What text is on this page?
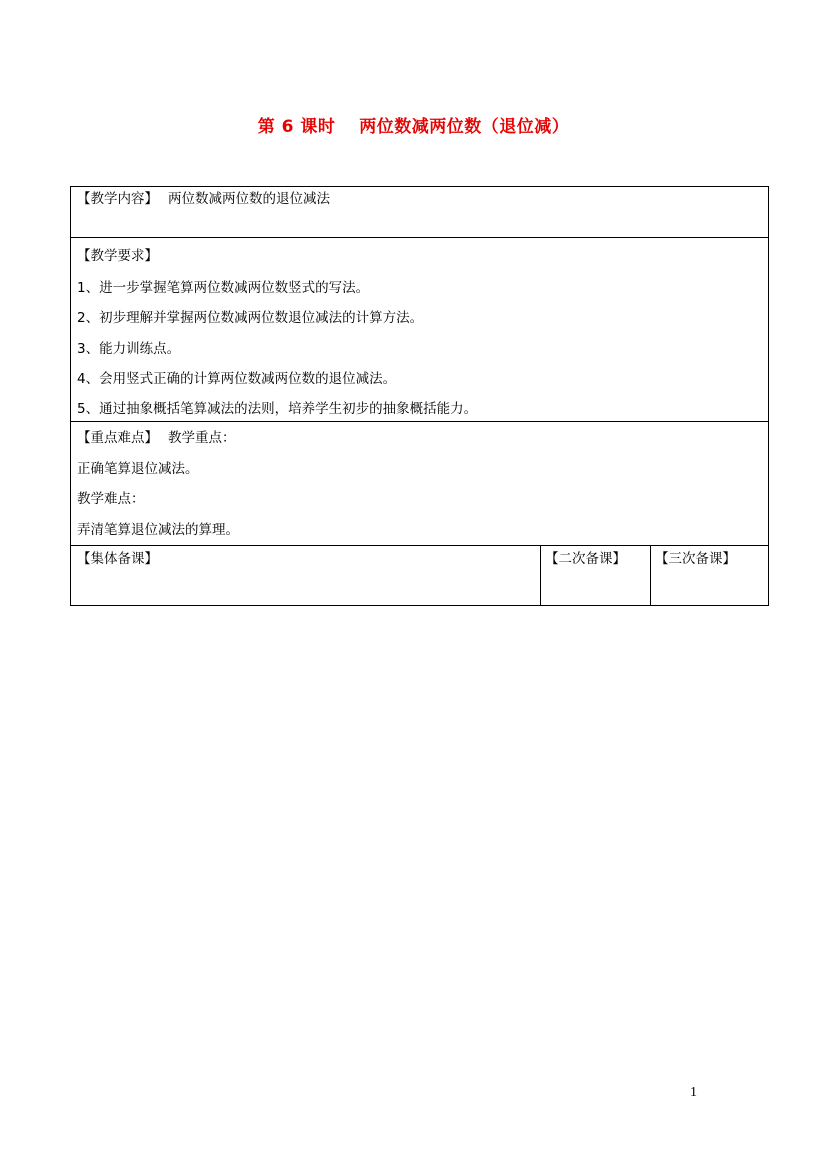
第 6 课时　 两位数减两位数（退位减）
【教学内容】 两位数减两位数的退位减法
【教学要求】
1、进一步掌握笔算两位数减两位数竖式的写法。
2、初步理解并掌握两位数减两位数退位减法的计算方法。
3、能力训练点。
4、会用竖式正确的计算两位数减两位数的退位减法。
5、通过抽象概括笔算减法的法则，培养学生初步的抽象概括能力。
【重点难点】 教学重点：
正确笔算退位减法。
教学难点：
弄清笔算退位减法的算理。
【集体备课】	【二次备课】 【三次备课】
1
